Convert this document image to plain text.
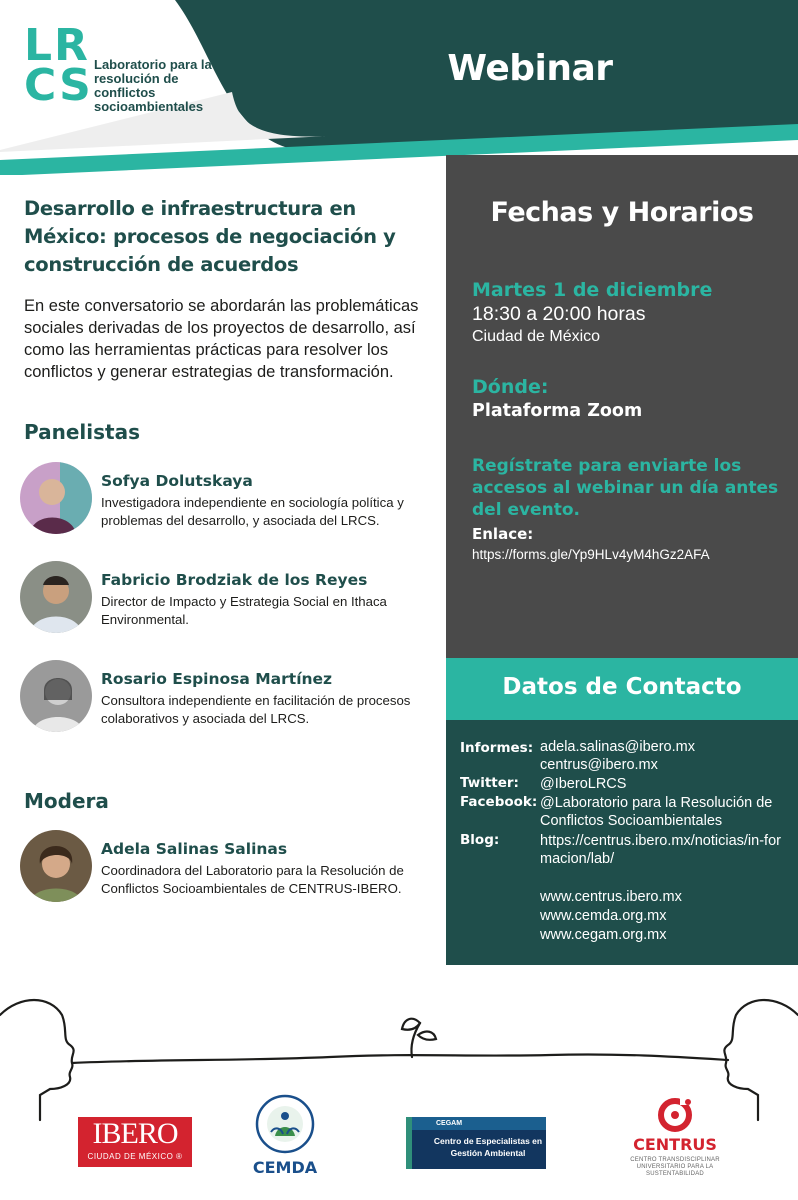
LR
CS Laboratorio para la resolución de conflictos socioambientales
Webinar
Desarrollo e infraestructura en México: procesos de negociación y construcción de acuerdos
En este conversatorio se abordarán las problemáticas sociales derivadas de los proyectos de desarrollo, así como las herramientas prácticas para resolver los conflictos y generar estrategias de transformación.
Panelistas
Sofya Dolutskaya
Investigadora independiente en sociología política y problemas del desarrollo, y asociada del LRCS.
Fabricio Brodziak de los Reyes
Director de Impacto y Estrategia Social en Ithaca Environmental.
Rosario Espinosa Martínez
Consultora independiente en facilitación de procesos colaborativos y asociada del LRCS.
Modera
Adela Salinas Salinas
Coordinadora del Laboratorio para la Resolución de Conflictos Socioambientales de CENTRUS-IBERO.
Fechas y Horarios
Martes 1 de diciembre
18:30 a 20:00 horas
Ciudad de México
Dónde:
Plataforma Zoom
Regístrate para enviarte los accesos al webinar un día antes del evento.
Enlace:
https://forms.gle/Yp9HLv4yM4hGz2AFA
Datos de Contacto
Informes: adela.salinas@ibero.mx
centrus@ibero.mx
Twitter: @IberoLRCS
Facebook: @Laboratorio para la Resolución de Conflictos Socioambientales
Blog:	https://centrus.ibero.mx/noticias/in-formacion/lab/
www.centrus.ibero.mx
www.cemda.org.mx
www.cegam.org.mx
IBERO
CIUDAD DE MÉXICO ®
CEMDA
CEGAM
Centro de Especialistas en Gestión Ambiental	CENTRUS
CENTRO TRANSDISCIPLINAR UNIVERSITARIO PARA LA SUSTENTABILIDAD
